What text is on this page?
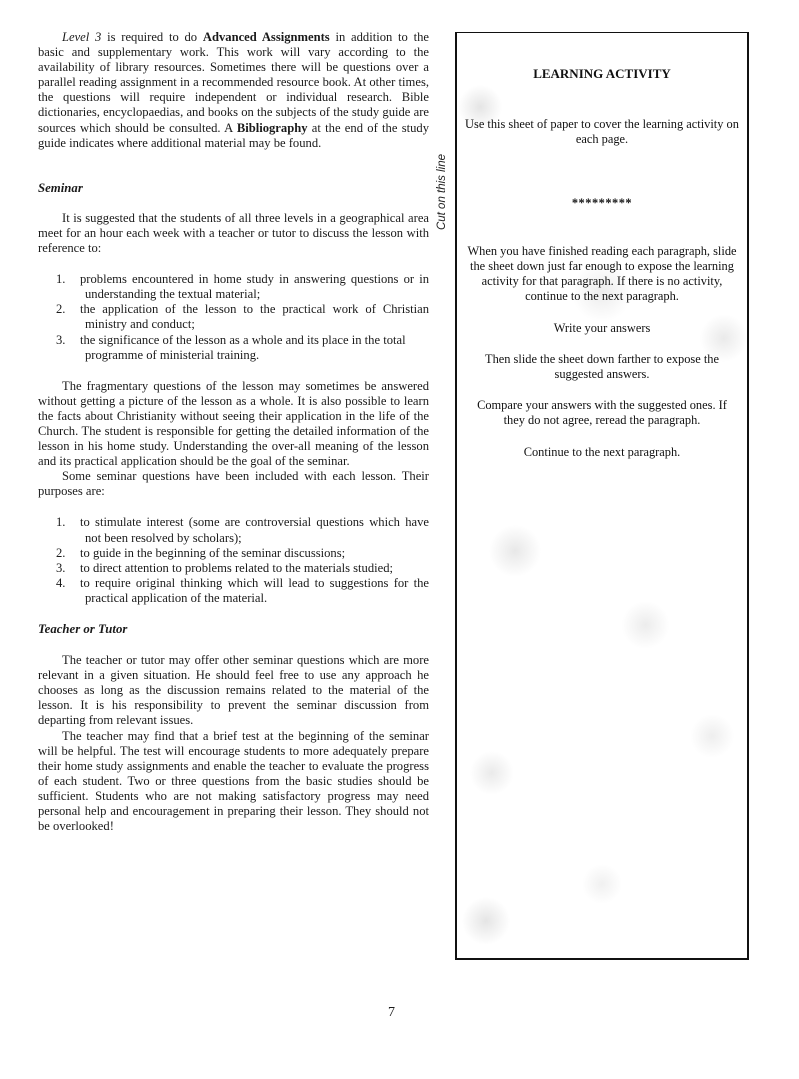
Level 3 is required to do Advanced Assignments in addition to the basic and supplementary work. This work will vary according to the availability of library resources. Sometimes there will be questions over a parallel reading assignment in a recommended resource book. At other times, the questions will require independent or individual research. Bible dictionaries, encyclopaedias, and books on the subjects of the study guide are sources which should be consulted. A Bibliography at the end of the study guide indicates where additional material may be found.

Seminar

It is suggested that the students of all three levels in a geographical area meet for an hour each week with a teacher or tutor to discuss the lesson with reference to:

1. problems encountered in home study in answering questions or in understanding the textual material;
2. the application of the lesson to the practical work of Christian ministry and conduct;
3. the significance of the lesson as a whole and its place in the total programme of ministerial training.

The fragmentary questions of the lesson may sometimes be answered without getting a picture of the lesson as a whole. It is also possible to learn the facts about Christianity without seeing their application in the life of the Church. The student is responsible for getting the detailed information of the lesson in his home study. Understanding the over-all meaning of the lesson and its practical application should be the goal of the seminar.

Some seminar questions have been included with each lesson. Their purposes are:

1. to stimulate interest (some are controversial questions which have not been resolved by scholars);
2. to guide in the beginning of the seminar discussions;
3. to direct attention to problems related to the materials studied;
4. to require original thinking which will lead to suggestions for the practical application of the material.

Teacher or Tutor

The teacher or tutor may offer other seminar questions which are more relevant in a given situation. He should feel free to use any approach he chooses as long as the discussion remains related to the material of the lesson. It is his responsibility to prevent the seminar discussion from departing from relevant issues.

The teacher may find that a brief test at the beginning of the seminar will be helpful. The test will encourage students to more adequately prepare their home study assignments and enable the teacher to evaluate the progress of each student. Two or three questions from the basic studies should be sufficient. Students who are not making satisfactory progress may need personal help and encouragement in preparing their lesson. They should not be overlooked!

Cut on this line
LEARNING ACTIVITY
Use this sheet of paper to cover the learning activity on each page.
*********
When you have finished reading each paragraph, slide the sheet down just far enough to expose the learning activity for that paragraph. If there is no activity, continue to the next paragraph.
Write your answers
Then slide the sheet down farther to expose the suggested answers.
Compare your answers with the suggested ones. If they do not agree, reread the paragraph.
Continue to the next paragraph.
7
